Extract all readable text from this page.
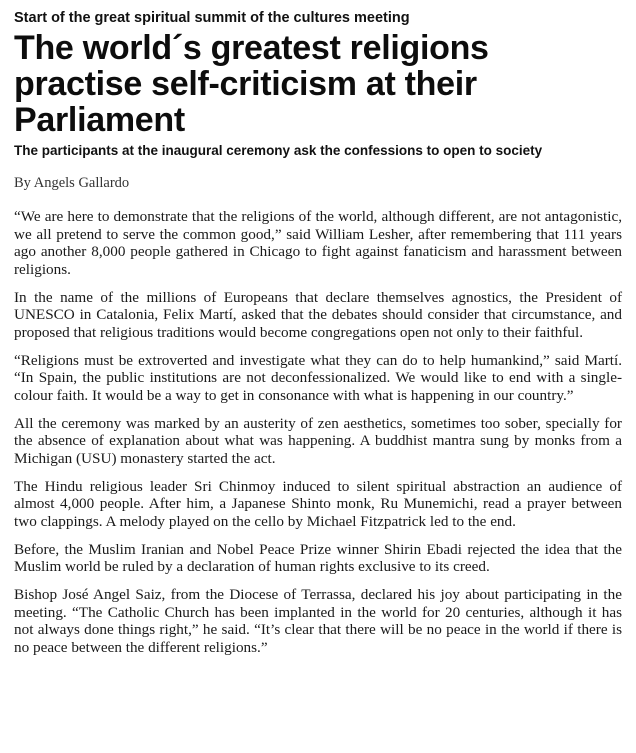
Start of the great spiritual summit of the cultures meeting

The world´s greatest religions practise self-criticism at their Parliament

The participants at the inaugural ceremony ask the confessions to open to society

By Angels Gallardo

“We are here to demonstrate that the religions of the world, although different, are not antagonistic, we all pretend to serve the common good,” said William Lesher, after remembering that 111 years ago another 8,000 people gathered in Chicago to fight against fanaticism and harassment between religions.

In the name of the millions of Europeans that declare themselves agnostics, the President of UNESCO in Catalonia, Felix Martí, asked that the debates should consider that circumstance, and proposed that religious traditions would become congregations open not only to their faithful.

“Religions must be extroverted and investigate what they can do to help humankind,” said Martí. “In Spain, the public institutions are not deconfessionalized. We would like to end with a single-colour faith. It would be a way to get in consonance with what is happening in our country.”

All the ceremony was marked by an austerity of zen aesthetics, sometimes too sober, specially for the absence of explanation about what was happening. A buddhist mantra sung by monks from a Michigan (USU) monastery started the act.

The Hindu religious leader Sri Chinmoy induced to silent spiritual abstraction an audience of almost 4,000 people. After him, a Japanese Shinto monk, Ru Munemichi, read a prayer between two clappings. A melody played on the cello by Michael Fitzpatrick led to the end.

Before, the Muslim Iranian and Nobel Peace Prize winner Shirin Ebadi rejected the idea that the Muslim world be ruled by a declaration of human rights exclusive to its creed.

Bishop José Angel Saiz, from the Diocese of Terrassa, declared his joy about participating in the meeting. “The Catholic Church has been implanted in the world for 20 centuries, although it has not always done things right,” he said. “It’s clear that there will be no peace in the world if there is no peace between the different religions.”
